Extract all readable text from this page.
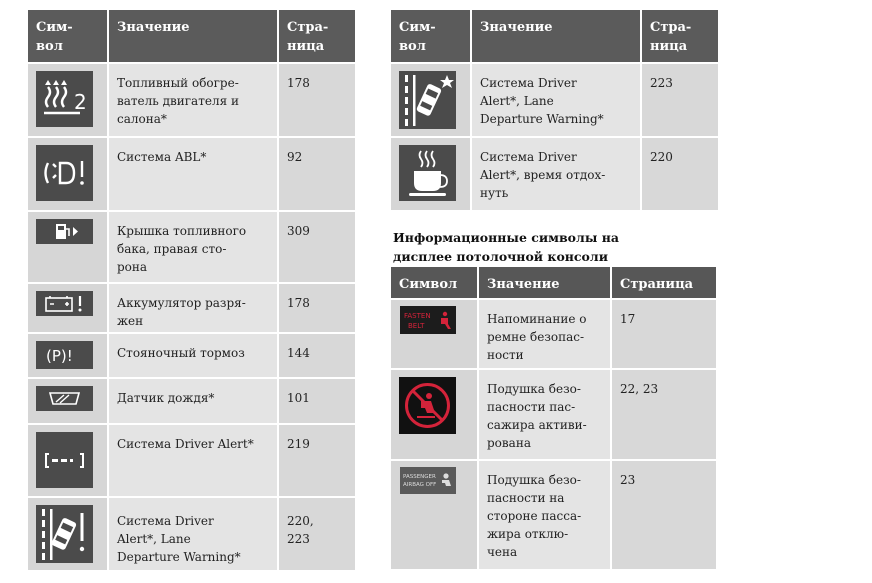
Сим-
вол	Значение	Стра-
ница

2	Топливный обогре-
ватель двигателя и
салона*	178

	Система ABL*	92

	Крышка топливного
бака, правая сто-
рона	309

	Аккумулятор разря-
жен	178

(P)!	Стояночный тормоз	144

	Датчик дождя*	101

	Система Driver Alert*	219

	Система Driver
Alert*, Lane
Departure Warning*	220,
223
Сим-
вол	Значение	Стра-
ница

	Система Driver
Alert*, Lane
Departure Warning*	223

	Система Driver
Alert*, время отдох-
нуть	220
Информационные символы на
дисплее потолочной консоли
Символ	Значение	Страница

FASTEN
BELT	Напоминание о
ремне безопас-
ности	17

	Подушка безо-
пасности пас-
сажира активи-
рована	22, 23

PASSENGER
AIRBAG OFF	Подушка безо-
пасности на
стороне пасса-
жира отклю-
чена	23
